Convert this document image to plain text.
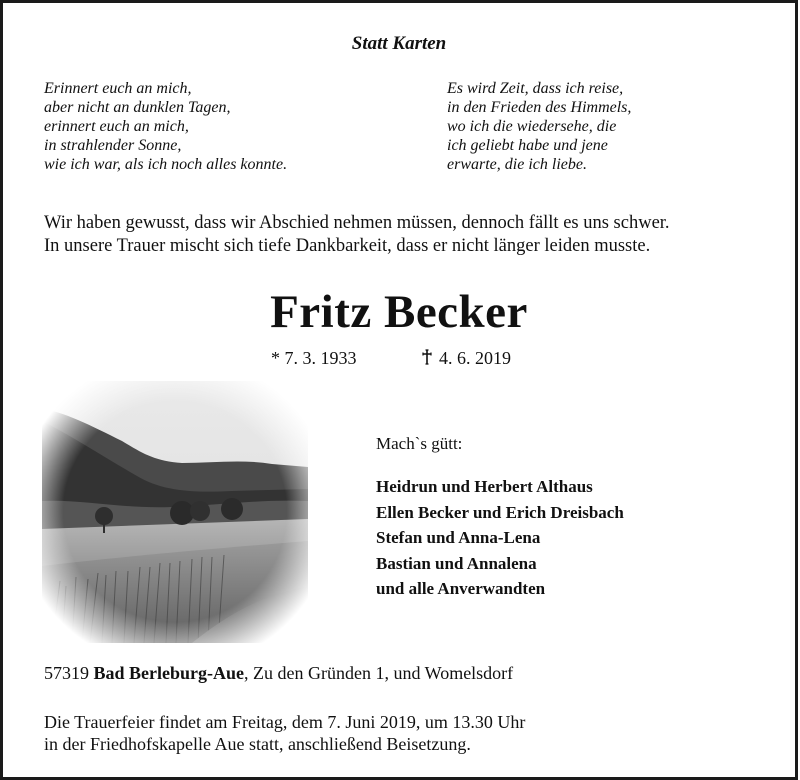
Statt Karten
Erinnert euch an mich,
aber nicht an dunklen Tagen,
erinnert euch an mich,
in strahlender Sonne,
wie ich war, als ich noch alles konnte.
Es wird Zeit, dass ich reise,
in den Frieden des Himmels,
wo ich die wiedersehe, die
ich geliebt habe und jene
erwarte, die ich liebe.
Wir haben gewusst, dass wir Abschied nehmen müssen, dennoch fällt es uns schwer.
In unsere Trauer mischt sich tiefe Dankbarkeit, dass er nicht länger leiden musste.
Fritz Becker
* 7. 3. 1933	4. 6. 2019
Mach`s gütt:
Heidrun und Herbert Althaus
Ellen Becker und Erich Dreisbach
Stefan und Anna-Lena
Bastian und Annalena
und alle Anverwandten
57319 Bad Berleburg-Aue, Zu den Gründen 1, und Womelsdorf
Die Trauerfeier findet am Freitag, dem 7. Juni 2019, um 13.30 Uhr
in der Friedhofskapelle Aue statt, anschließend Beisetzung.
